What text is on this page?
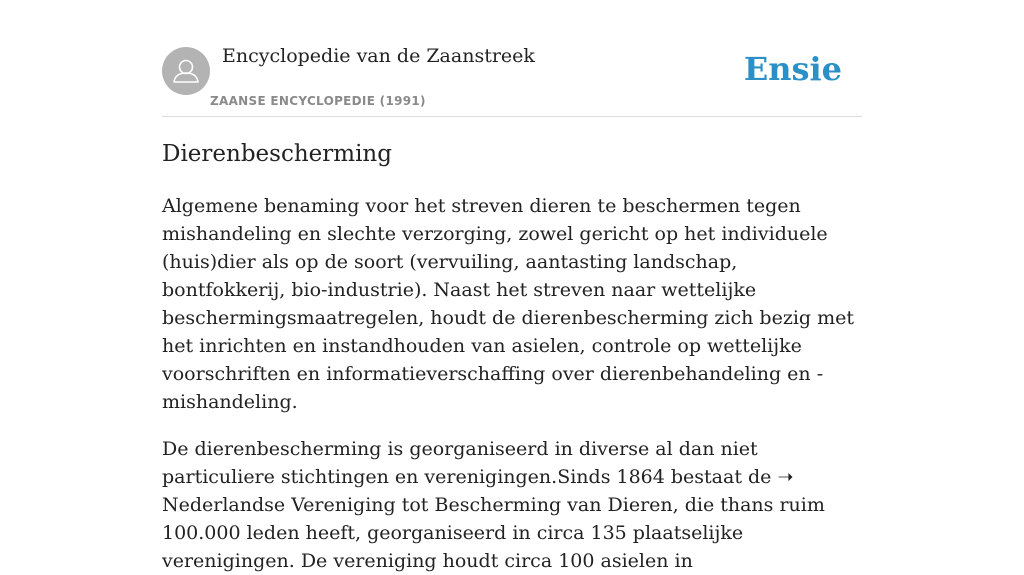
Encyclopedie van de Zaanstreek
ZAANSE ENCYCLOPEDIE (1991)
Ensie
Dierenbescherming

Algemene benaming voor het streven dieren te beschermen tegen mishandeling en slechte verzorging, zowel gericht op het individuele (huis)dier als op de soort (vervuiling, aantasting landschap, bontfokkerij, bio-industrie). Naast het streven naar wettelijke beschermingsmaatregelen, houdt de dierenbescherming zich bezig met het inrichten en instandhouden van asielen, controle op wettelijke voorschriften en informatieverschaffing over dierenbehandeling en -mishandeling.

De dierenbescherming is georganiseerd in diverse al dan niet particuliere stichtingen en verenigingen.Sinds 1864 bestaat de ➝ Nederlandse Vereniging tot Bescherming van Dieren, die thans ruim 100.000 leden heeft, georganiseerd in circa 135 plaatselijke verenigingen. De vereniging houdt circa 100 asielen in
